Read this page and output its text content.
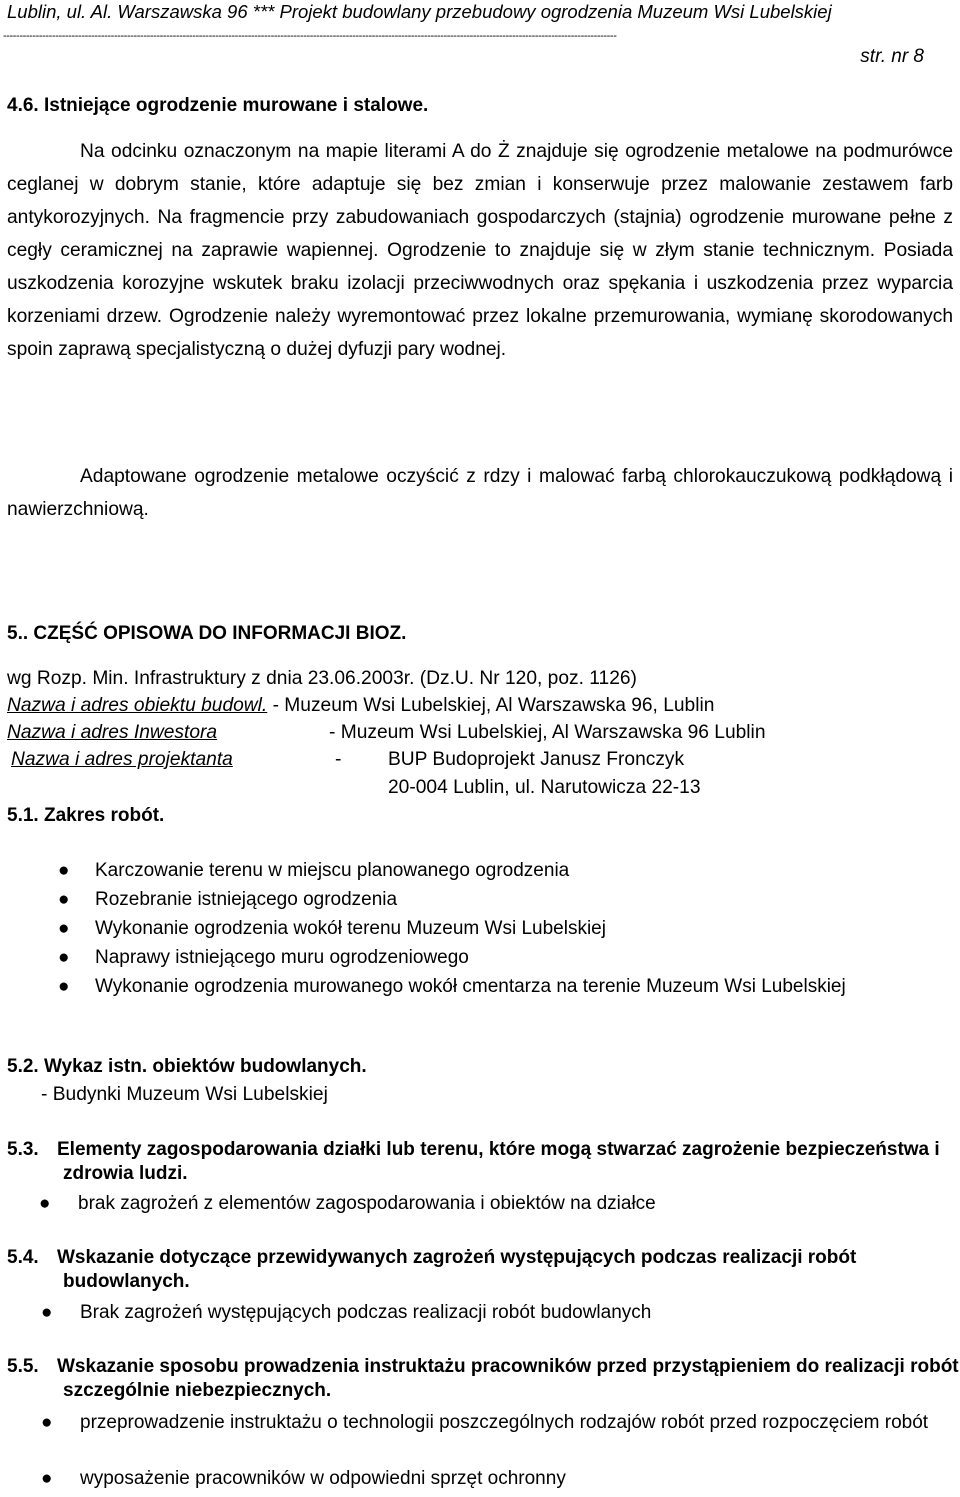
Lublin, ul. Al. Warszawska 96 *** Projekt budowlany przebudowy ogrodzenia Muzeum Wsi Lubelskiej
--------------------------------------------------------------------------------------------------------------------------------------------------------------------------------------------
str. nr 8
4.6. Istniejące ogrodzenie murowane i stalowe.
Na odcinku oznaczonym na mapie literami A do Ż znajduje się ogrodzenie metalowe na podmurówce ceglanej w dobrym stanie, które adaptuje się bez zmian i konserwuje przez malowanie zestawem farb antykorozyjnych. Na fragmencie przy zabudowaniach gospodarczych (stajnia) ogrodzenie murowane pełne z cegły ceramicznej na zaprawie wapiennej. Ogrodzenie to znajduje się w złym stanie technicznym. Posiada uszkodzenia korozyjne wskutek braku izolacji przeciwwodnych oraz spękania i uszkodzenia przez wyparcia korzeniami drzew. Ogrodzenie należy wyremontować przez lokalne przemurowania, wymianę skorodowanych spoin zaprawą specjalistyczną o dużej dyfuzji pary wodnej.
Adaptowane ogrodzenie metalowe oczyścić z rdzy i malować farbą chlorokauczukową podkłądową i nawierzchniową.
5.. CZĘŚĆ OPISOWA DO INFORMACJI BIOZ.
wg Rozp. Min. Infrastruktury z dnia 23.06.2003r. (Dz.U. Nr 120, poz. 1126)
Nazwa i adres obiektu budowl. - Muzeum Wsi Lubelskiej, Al Warszawska 96, Lublin
Nazwa i adres Inwestora	- Muzeum Wsi Lubelskiej, Al Warszawska 96 Lublin
Nazwa i adres projektanta	- BUP Budoprojekt Janusz Fronczyk
20-004 Lublin, ul. Narutowicza 22-13
5.1. Zakres robót.
● Karczowanie terenu w miejscu planowanego ogrodzenia
● Rozebranie istniejącego ogrodzenia
● Wykonanie ogrodzenia wokół terenu Muzeum Wsi Lubelskiej
● Naprawy istniejącego muru ogrodzeniowego
● Wykonanie ogrodzenia murowanego wokół cmentarza na terenie Muzeum Wsi Lubelskiej
5.2. Wykaz istn. obiektów budowlanych.
- Budynki Muzeum Wsi Lubelskiej
5.3. Elementy zagospodarowania działki lub terenu, które mogą stwarzać zagrożenie bezpieczeństwa i zdrowia ludzi.
● brak zagrożeń z elementów zagospodarowania i obiektów na działce
5.4. Wskazanie dotyczące przewidywanych zagrożeń występujących podczas realizacji robót budowlanych.
● Brak zagrożeń występujących podczas realizacji robót budowlanych
5.5. Wskazanie sposobu prowadzenia instruktażu pracowników przed przystąpieniem do realizacji robót szczególnie niebezpiecznych.
● przeprowadzenie instruktażu o technologii poszczególnych rodzajów robót przed rozpoczęciem robót
● wyposażenie pracowników w odpowiedni sprzęt ochronny
